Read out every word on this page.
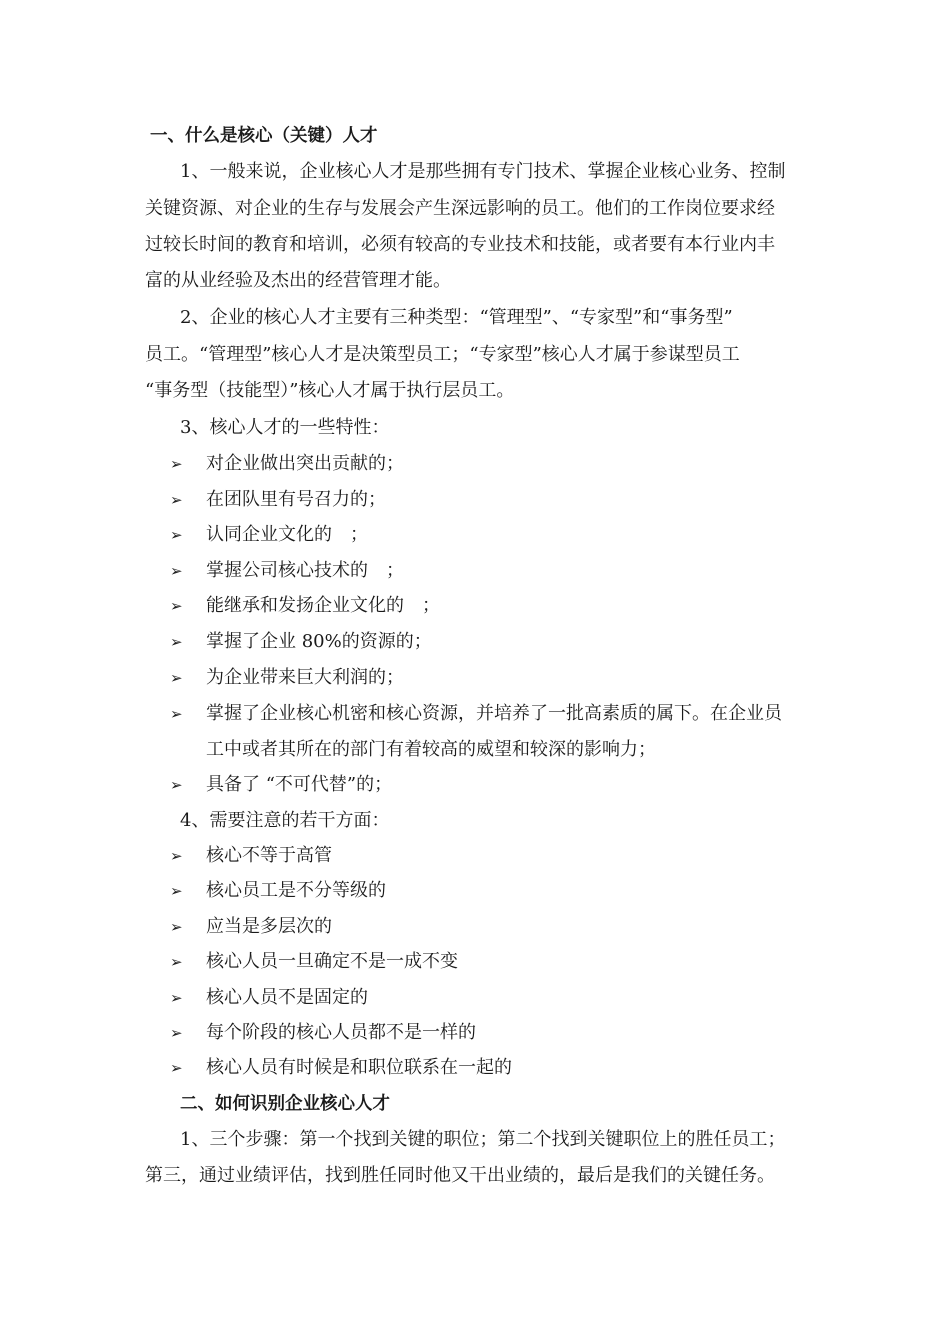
一、什么是核心（关键）人才
1、一般来说，企业核心人才是那些拥有专门技术、掌握企业核心业务、控制
关键资源、对企业的生存与发展会产生深远影响的员工。他们的工作岗位要求经
过较长时间的教育和培训，必须有较高的专业技术和技能，或者要有本行业内丰
富的从业经验及杰出的经营管理才能。
2、企业的核心人才主要有三种类型：“管理型”、“专家型”和“事务型”
员工。“管理型”核心人才是决策型员工；“专家型”核心人才属于参谋型员工
“事务型（技能型）”核心人才属于执行层员工。
3、核心人才的一些特性：
➢ 对企业做出突出贡献的；
➢ 在团队里有号召力的；
➢ 认同企业文化的　；
➢ 掌握公司核心技术的　；
➢ 能继承和发扬企业文化的　；
➢ 掌握了企业 80%的资源的；
➢ 为企业带来巨大利润的；
➢ 掌握了企业核心机密和核心资源，并培养了一批高素质的属下。在企业员
工中或者其所在的部门有着较高的威望和较深的影响力；
➢ 具备了 “不可代替”的；
4、需要注意的若干方面：
➢ 核心不等于高管
➢ 核心员工是不分等级的
➢ 应当是多层次的
➢ 核心人员一旦确定不是一成不变
➢ 核心人员不是固定的
➢ 每个阶段的核心人员都不是一样的
➢ 核心人员有时候是和职位联系在一起的
二、如何识别企业核心人才
1、三个步骤：第一个找到关键的职位；第二个找到关键职位上的胜任员工；
第三，通过业绩评估，找到胜任同时他又干出业绩的，最后是我们的关键任务。
